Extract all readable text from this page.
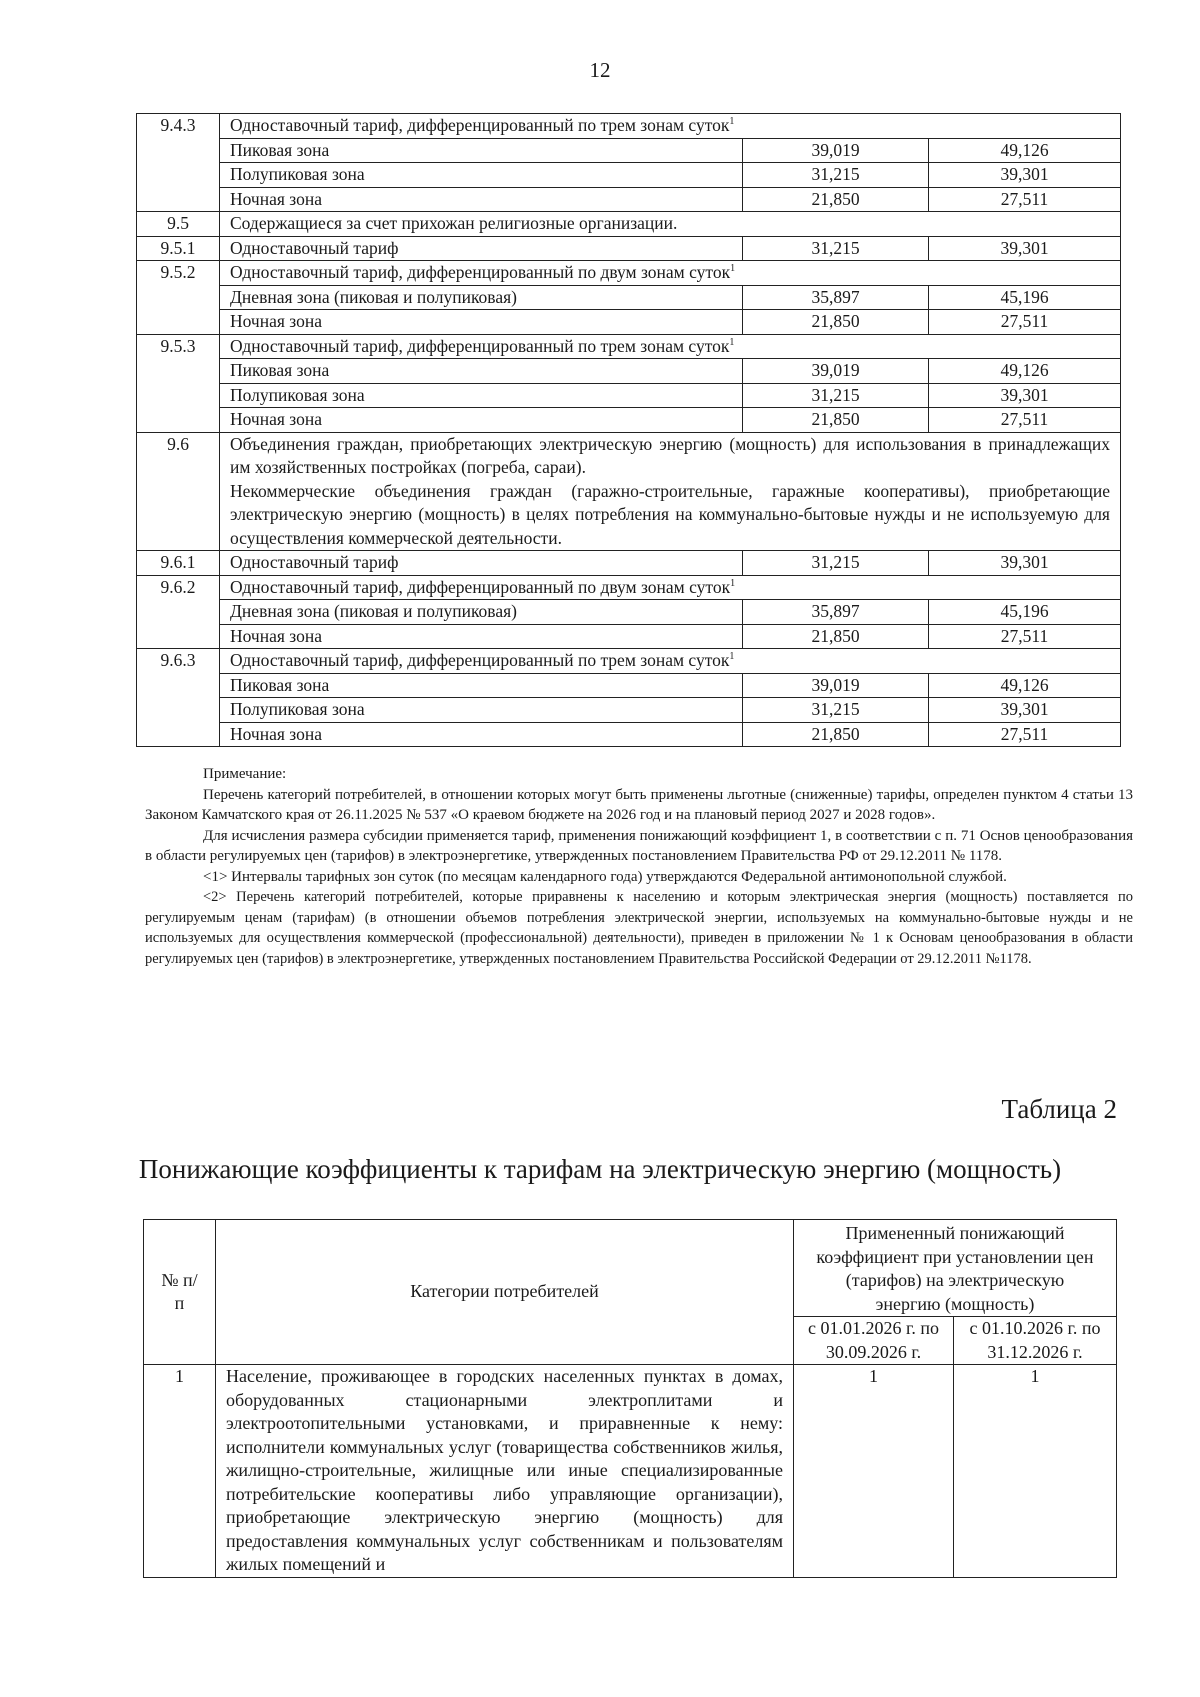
12
9.4.3	Одноставочный тариф, дифференцированный по трем зонам суток$^1$
	Пиковая зона	39,019	49,126
	Полупиковая зона	31,215	39,301
	Ночная зона	21,850	27,511
9.5	Содержащиеся за счет прихожан религиозные организации.		
9.5.1	Одноставочный тариф	31,215	39,301
9.5.2	Одноставочный тариф, дифференцированный по двум зонам суток$^1$
	Дневная зона (пиковая и полупиковая)	35,897	45,196
	Ночная зона	21,850	27,511
9.5.3	Одноставочный тариф, дифференцированный по трем зонам суток$^1$
	Пиковая зона	39,019	49,126
	Полупиковая зона	31,215	39,301
	Ночная зона	21,850	27,511
9.6	Объединения граждан, приобретающих электрическую энергию (мощность) для использования в принадлежащих им хозяйственных постройках (погреба, сараи).

Некоммерческие объединения граждан (гаражно-строительные, гаражные кооперативы), приобретающие электрическую энергию (мощность) в целях потребления на коммунально-бытовые нужды и не используемую для осуществления коммерческой деятельности.		

9.6.1	Одноставочный тариф	31,215	39,301
9.6.2	Одноставочный тариф, дифференцированный по двум зонам суток$^1$
	Дневная зона (пиковая и полупиковая)	35,897	45,196
	Ночная зона	21,850	27,511
9.6.3	Одноставочный тариф, дифференцированный по трем зонам суток$^1$
	Пиковая зона	39,019	49,126
	Полупиковая зона	31,215	39,301
	Ночная зона	21,850	27,511

Примечание:

Перечень категорий потребителей, в отношении которых могут быть применены льготные (сниженные) тарифы, определен пунктом 4 статьи 13 Законом Камчатского края от 26.11.2025 № 537 «О краевом бюджете на 2026 год и на плановый период 2027 и 2028 годов».

Для исчисления размера субсидии применяется тариф, применения понижающий коэффициент 1, в соответствии с п. 71 Основ ценообразования в области регулируемых цен (тарифов) в электроэнергетике, утвержденных постановлением Правительства РФ от 29.12.2011 № 1178.

<1> Интервалы тарифных зон суток (по месяцам календарного года) утверждаются Федеральной антимонопольной службой.

<2> Перечень категорий потребителей, которые приравнены к населению и которым электрическая энергия (мощность) поставляется по регулируемым ценам (тарифам) (в отношении объемов потребления электрической энергии, используемых на коммунально-бытовые нужды и не используемых для осуществления коммерческой (профессиональной) деятельности), приведен в приложении № 1 к Основам ценообразования в области регулируемых цен (тарифов) в электроэнергетике, утвержденных постановлением Правительства Российской Федерации от 29.12.2011 №1178.

Таблица 2
Понижающие коэффициенты к тарифам на электрическую энергию (мощность)
№ п/п	Категории потребителей	Примененный понижающий коэффициент при установлении цен (тарифов) на электрическую энергию (мощность)	
		с 01.01.2026 г. по 30.09.2026 г.	с 01.10.2026 г. по 31.12.2026 г.
1	Население, проживающее в городских населенных пунктах в домах, оборудованных стационарными электроплитами и электроотопительными установками, и приравненные к нему: исполнители коммунальных услуг (товарищества собственников жилья, жилищно-строительные, жилищные или иные специализированные потребительские кооперативы либо управляющие организации), приобретающие электрическую энергию (мощность) для предоставления коммунальных услуг собственникам и пользователям жилых помещений и	1	1
